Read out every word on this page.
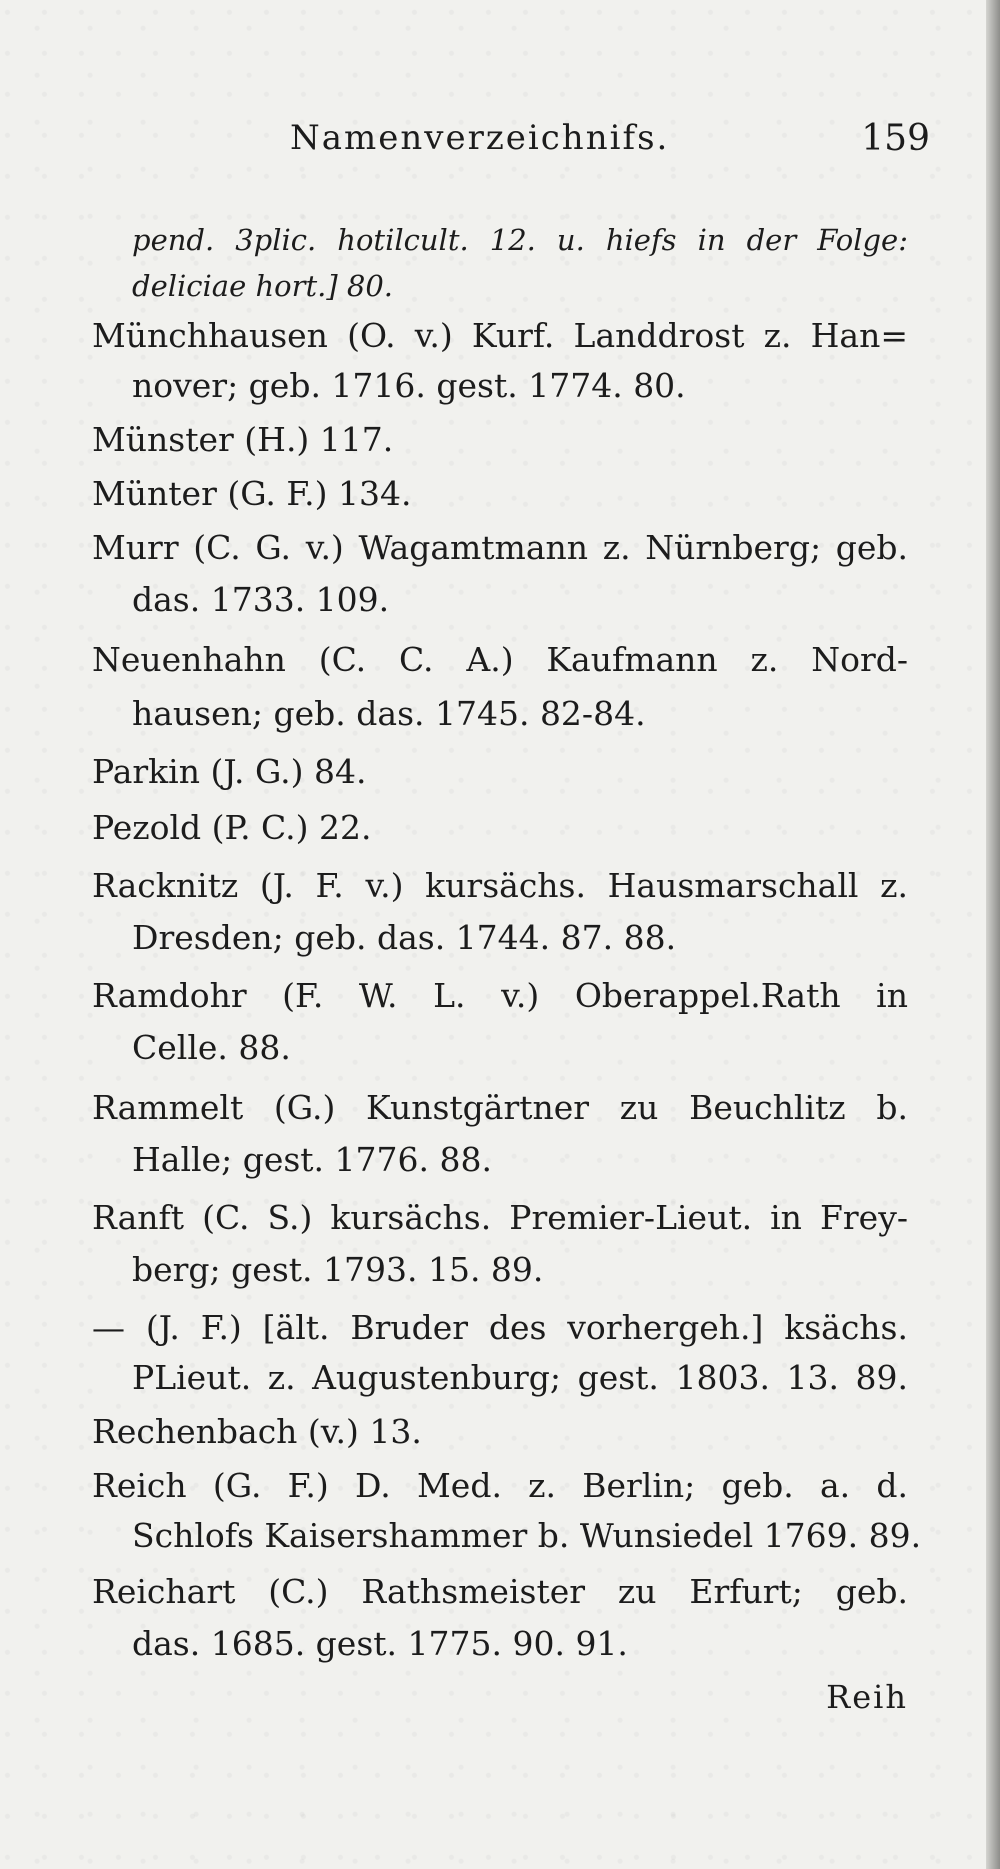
Namenverzeichnifs.	159
pend. 3plic. hotilcult. 12. u. hiefs in der Folge:
deliciae hort.] 80.
Münchhausen (O. v.) Kurf. Landdrost z. Han=
nover; geb. 1716. gest. 1774. 80.
Münster (H.) 117.
Münter (G. F.) 134.
Murr (C. G. v.) Wagamtmann z. Nürnberg; geb.
das. 1733. 109.
Neuenhahn (C. C. A.) Kaufmann z. Nord-
hausen; geb. das. 1745. 82-84.
Parkin (J. G.) 84.
Pezold (P. C.) 22.
Racknitz (J. F. v.) kursächs. Hausmarschall z.
Dresden; geb. das. 1744. 87. 88.
Ramdohr (F. W. L. v.) Oberappel.Rath in
Celle. 88.
Rammelt (G.) Kunstgärtner zu Beuchlitz b.
Halle; gest. 1776. 88.
Ranft (C. S.) kursächs. Premier-Lieut. in Frey-
berg; gest. 1793. 15. 89.
— (J. F.) [ält. Bruder des vorhergeh.] ksächs.
PLieut. z. Augustenburg; gest. 1803. 13. 89.
Rechenbach (v.) 13.
Reich (G. F.) D. Med. z. Berlin; geb. a. d.
Schlofs Kaisershammer b. Wunsiedel 1769. 89.
Reichart (C.) Rathsmeister zu Erfurt; geb.
das. 1685. gest. 1775. 90. 91.
Reih
